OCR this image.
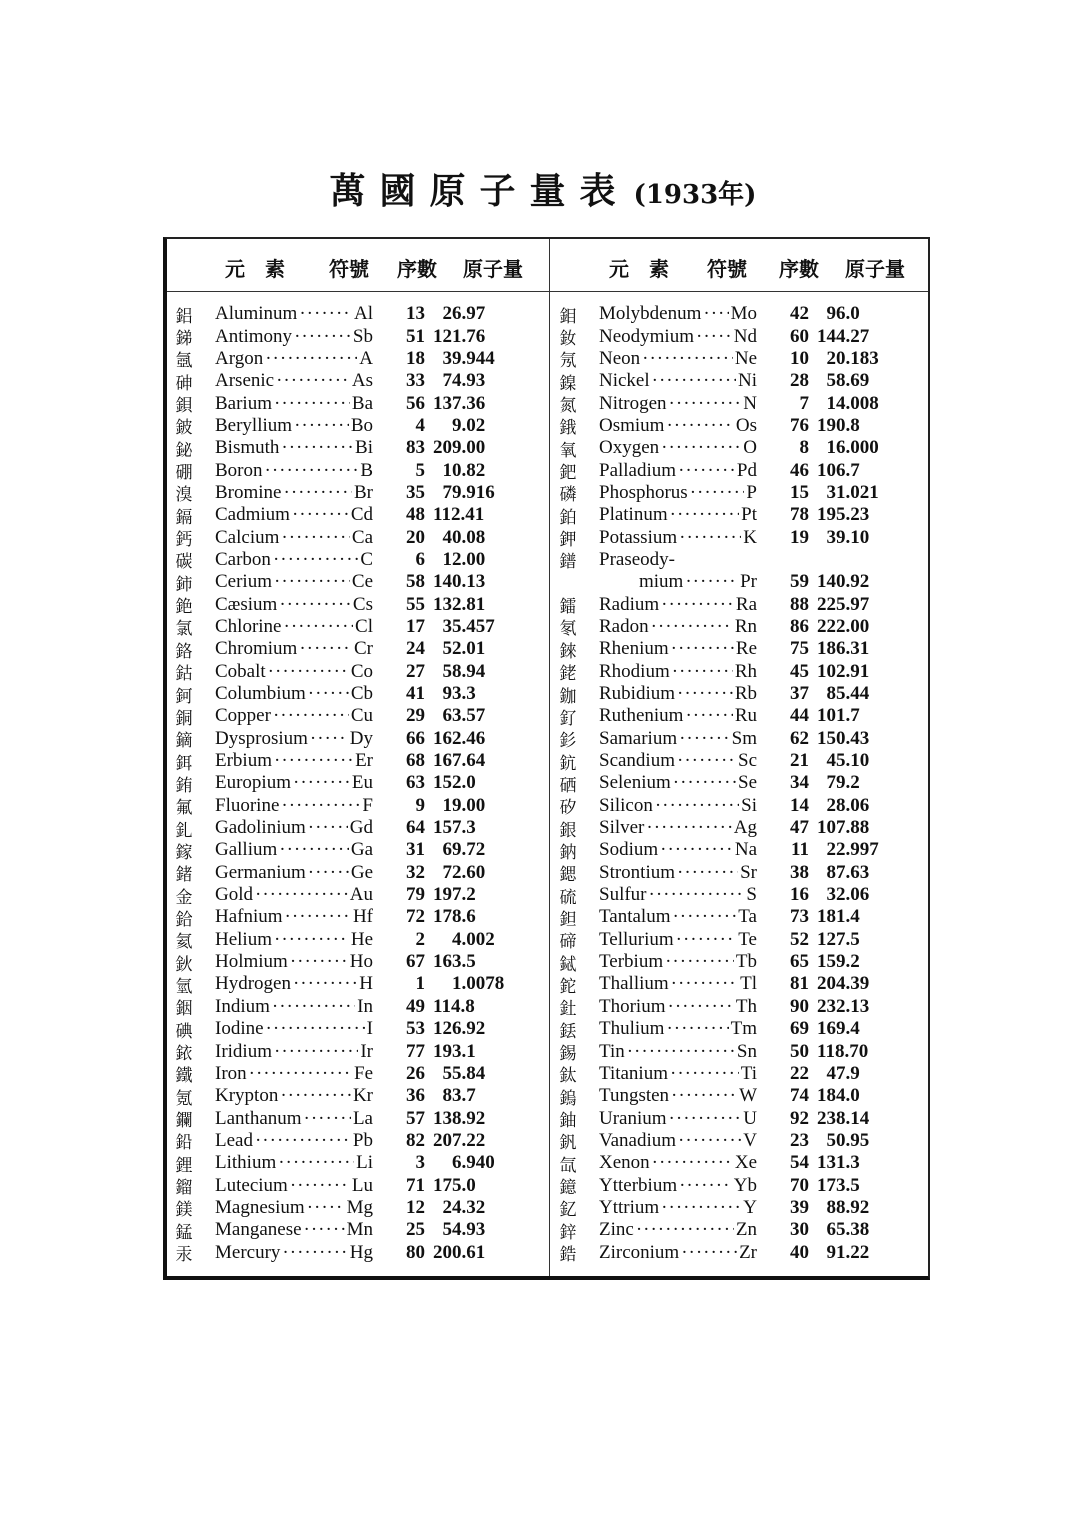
萬國原子量表 (1933年)
元　素 符號 序數 原子量	元　素 符號 序數 原子量
鋁	Aluminum ·····	Al	13 26.97
銻	Antimony ·····	Sb	51 121.76
氬	Argon ·····	A	18 39.944
砷	Arsenic ·····	As	33 74.93
鋇	Barium ·····	Ba	56 137.36
鈹	Beryllium ·····	Bo	4	9.02
鉍	Bismuth ·····	Bi	83 209.00
硼	Boron ·····	B	5 10.82
溴	Bromine ·····	Br	35 79.916
鎘	Cadmium ·····	Cd	48 112.41
鈣	Calcium ·····	Ca	20 40.08
碳	Carbon ·····	C	6 12.00
鈰	Cerium ·····	Ce	58 140.13
銫	Cæsium ·····	Cs	55 132.81
氯	Chlorine ·····	Cl	17 35.457
鉻	Chromium ·····	Cr	24 52.01
鈷	Cobalt ·····	Co	27 58.94
鈳	Columbium ····· Cb	41 93.3
銅	Copper ·····	Cu	29 63.57
鏑	Dysprosium ····· Dy	66 162.46
鉺	Erbium ·····	Er	68 167.64
銪	Europium ·····	Eu	63 152.0
氟	Fluorine ·····	F	9 19.00
釓	Gadolinium ····· Gd	64 157.3
鎵	Gallium ·····	Ga	31 69.72
鍺	Germanium ····· Ge	32 72.60
金	Gold ·····	Au	79 197.2
鉿	Hafnium ·····	Hf	72 178.6
氦	Helium ·····	He	2	4.002
鈥	Holmium ·····	Ho	67 163.5
氫	Hydrogen ·····	H	1	1.0078
銦	Indium ·····	In	49 114.8
碘	Iodine ·····	I	53 126.92
銥	Iridium ·····	Ir	77 193.1
鐵	Iron ·····	Fe	26 55.84
氪	Krypton ·····	Kr	36 83.7
鑭	Lanthanum ·····	La	57 138.92
鉛	Lead ·····	Pb	82 207.22
鋰	Lithium ·····	Li	3	6.940
鎦	Lutecium ·····	Lu	71 175.0
鎂	Magnesium ····· Mg	12 24.32
錳	Manganese ····· Mn	25 54.93
汞	Mercury ·····	Hg	80 200.61
鉬	Molybdenum ····· Mo	42 96.0
釹	Neodymium ····· Nd	60 144.27
氖	Neon ·····	Ne	10 20.183
鎳	Nickel ·····	Ni	28 58.69
氮	Nitrogen ·····	N	7 14.008
鋨	Osmium ·····	Os	76 190.8
氧	Oxygen ·····	O	8 16.000
鈀	Palladium ·····	Pd	46 106.7
磷	Phosphorus ·····	P	15 31.021
鉑	Platinum ·····	Pt	78 195.23
鉀	Potassium ·····	K	19 39.10
鐠	Praseody-
mium ·····	Pr	59 140.92
鐳	Radium ·····	Ra	88 225.97
氡	Radon ·····	Rn	86 222.00
錸	Rhenium ·····	Re	75 186.31
銠	Rhodium ·····	Rh	45 102.91
鉫	Rubidium ·····	Rb	37 85.44
釕	Ruthenium ·····	Ru	44 101.7
釤	Samarium ·····	Sm	62 150.43
鈧	Scandium ·····	Sc	21 45.10
硒	Selenium ·····	Se	34 79.2
矽	Silicon ·····	Si	14 28.06
銀	Silver ·····	Ag	47 107.88
鈉	Sodium ·····	Na	11 22.997
鍶	Strontium ·····	Sr	38 87.63
硫	Sulfur ·····	S	16 32.06
鉭	Tantalum ·····	Ta	73 181.4
碲	Tellurium ·····	Te	52 127.5
鋱	Terbium ·····	Tb	65 159.2
鉈	Thallium ·····	Tl	81 204.39
釷	Thorium ·····	Th	90 232.13
銩	Thulium ·····	Tm	69 169.4
錫	Tin ·····	Sn	50 118.70
鈦	Titanium ·····	Ti	22 47.9
鎢	Tungsten ·····	W	74 184.0
鈾	Uranium ·····	U	92 238.14
釩	Vanadium ·····	V	23 50.95
氙	Xenon ·····	Xe	54 131.3
鐿	Ytterbium ·····	Yb	70 173.5
釔	Yttrium ·····	Y	39 88.92
鋅	Zinc ·····	Zn	30 65.38
鋯	Zirconium ·····	Zr	40 91.22
